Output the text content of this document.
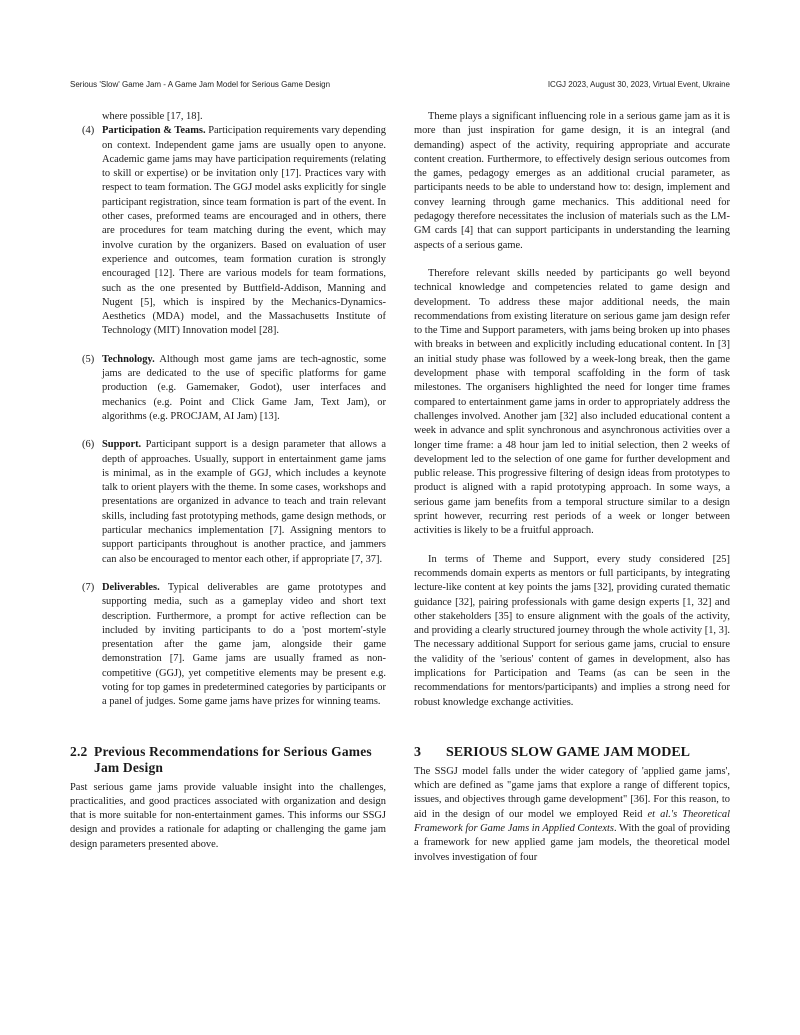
Serious 'Slow' Game Jam - A Game Jam Model for Serious Game Design	ICGJ 2023, August 30, 2023, Virtual Event, Ukraine

where possible [17, 18].

(4) Participation & Teams. Participation requirements vary depending on context. Independent game jams are usually open to anyone. Academic game jams may have participation requirements (relating to skill or expertise) or be invitation only [17]. Practices vary with respect to team formation. The GGJ model asks explicitly for single participant registration, since team formation is part of the event. In other cases, preformed teams are encouraged and in others, there are procedures for team matching during the event, which may involve curation by the organizers. Based on evaluation of user experience and outcomes, team formation curation is strongly encouraged [12]. There are various models for team formations, such as the one presented by Buttfield-Addison, Manning and Nugent [5], which is inspired by the Mechanics-Dynamics-Aesthetics (MDA) model, and the Massachusetts Institute of Technology (MIT) Innovation model [28].
(5) Technology. Although most game jams are tech-agnostic, some jams are dedicated to the use of specific platforms for game production (e.g. Gamemaker, Godot), user interfaces and mechanics (e.g. Point and Click Game Jam, Text Jam), or algorithms (e.g. PROCJAM, AI Jam) [13].
(6) Support. Participant support is a design parameter that allows a depth of approaches. Usually, support in entertainment game jams is minimal, as in the example of GGJ, which includes a keynote talk to orient players with the theme. In some cases, workshops and presentations are organized in advance to teach and train relevant skills, including fast prototyping methods, game design methods, or particular mechanics implementation [7]. Assigning mentors to support participants throughout is another practice, and jammers can also be encouraged to mentor each other, if appropriate [7, 37].
(7) Deliverables. Typical deliverables are game prototypes and supporting media, such as a gameplay video and short text description. Furthermore, a prompt for active reflection can be included by inviting participants to do a 'post mortem'-style presentation after the game jam, alongside their game demonstration [7]. Game jams are usually framed as non-competitive (GGJ), yet competitive elements may be present e.g. voting for top games in predetermined categories by participants or a panel of judges. Some game jams have prizes for winning teams.
2.2 Previous Recommendations for Serious Games Jam Design

Past serious game jams provide valuable insight into the challenges, practicalities, and good practices associated with organization and design that is more suitable for non-entertainment games. This informs our SSGJ design and provides a rationale for adapting or challenging the game jam design parameters presented above.

Theme plays a significant influencing role in a serious game jam as it is more than just inspiration for game design, it is an integral (and demanding) aspect of the activity, requiring appropriate and accurate content creation. Furthermore, to effectively design serious outcomes from the games, pedagogy emerges as an additional crucial parameter, as participants needs to be able to understand how to: design, implement and convey learning through game mechanics. This additional need for pedagogy therefore necessitates the inclusion of materials such as the LM-GM cards [4] that can support participants in understanding the learning aspects of a serious game.

Therefore relevant skills needed by participants go well beyond technical knowledge and competencies related to game design and development. To address these major additional needs, the main recommendations from existing literature on serious game jam design refer to the Time and Support parameters, with jams being broken up into phases with breaks in between and explicitly including educational content. In [3] an initial study phase was followed by a week-long break, then the game development phase with temporal scaffolding in the form of task milestones. The organisers highlighted the need for longer time frames compared to entertainment game jams in order to appropriately address the challenges involved. Another jam [32] also included educational content a week in advance and split synchronous and asynchronous activities over a longer time frame: a 48 hour jam led to initial selection, then 2 weeks of development led to the selection of one game for further development and public release. This progressive filtering of design ideas from prototypes to product is aligned with a rapid prototyping approach. In some ways, a serious game jam benefits from a temporal structure similar to a design sprint however, recurring rest periods of a week or longer between activities is likely to be a fruitful approach.

In terms of Theme and Support, every study considered [25] recommends domain experts as mentors or full participants, by integrating lecture-like content at key points the jams [32], providing curated thematic guidance [32], pairing professionals with game design experts [1, 32] and other stakeholders [35] to ensure alignment with the goals of the activity, and providing a clearly structured journey through the whole activity [1, 3]. The necessary additional Support for serious game jams, crucial to ensure the validity of the 'serious' content of games in development, also has implications for Participation and Teams (as can be seen in the recommendations for mentors/participants) and implies a strong need for robust knowledge exchange activities.

3 SERIOUS SLOW GAME JAM MODEL

The SSGJ model falls under the wider category of 'applied game jams', which are defined as "game jams that explore a range of different topics, issues, and objectives through game development" [36]. For this reason, to aid in the design of our model we employed Reid et al.'s Theoretical Framework for Game Jams in Applied Contexts. With the goal of providing a framework for new applied game jam models, the theoretical model involves investigation of four
